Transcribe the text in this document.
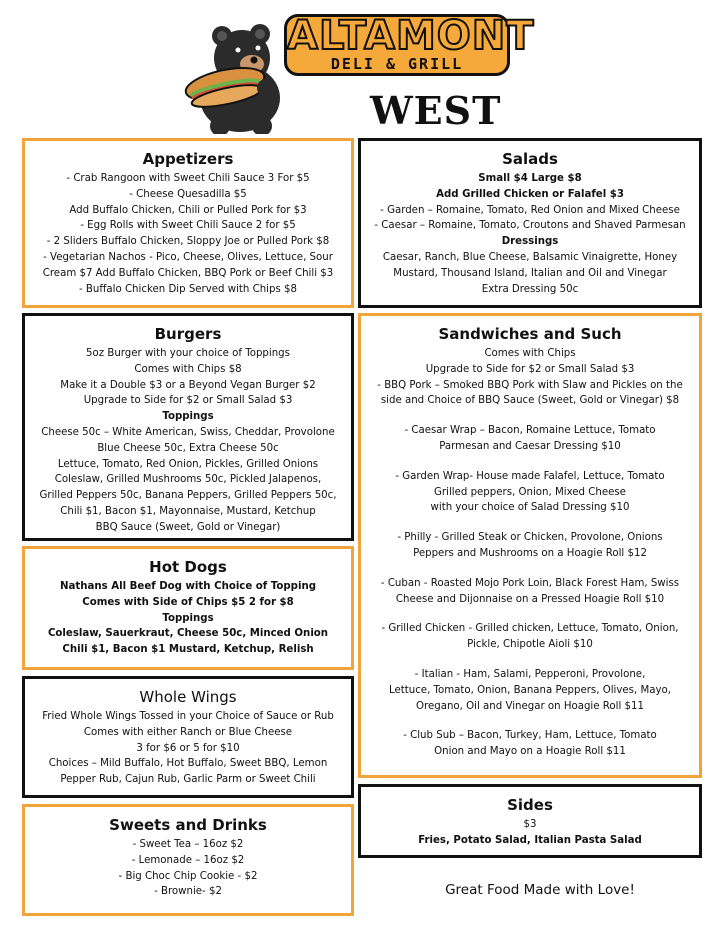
ALTAMONT
DELI & GRILL
WEST
Appetizers
- Crab Rangoon with Sweet Chili Sauce 3 For $5
- Cheese Quesadilla $5
Add Buffalo Chicken, Chili or Pulled Pork for $3
- Egg Rolls with Sweet Chili Sauce 2 for $5
- 2 Sliders Buffalo Chicken, Sloppy Joe or Pulled Pork $8
- Vegetarian Nachos - Pico, Cheese, Olives, Lettuce, Sour
Cream $7 Add Buffalo Chicken, BBQ Pork or Beef Chili $3
- Buffalo Chicken Dip Served with Chips $8
Salads
Small $4 Large $8
Add Grilled Chicken or Falafel $3
- Garden – Romaine, Tomato, Red Onion and Mixed Cheese
- Caesar – Romaine, Tomato, Croutons and Shaved Parmesan
Dressings
Caesar, Ranch, Blue Cheese, Balsamic Vinaigrette, Honey
Mustard, Thousand Island, Italian and Oil and Vinegar
Extra Dressing 50c
Burgers
5oz Burger with your choice of Toppings
Comes with Chips $8
Make it a Double $3 or a Beyond Vegan Burger $2
Upgrade to Side for $2 or Small Salad $3
Toppings
Cheese 50c – White American, Swiss, Cheddar, Provolone
Blue Cheese 50c, Extra Cheese 50c
Lettuce, Tomato, Red Onion, Pickles, Grilled Onions
Coleslaw, Grilled Mushrooms 50c, Pickled Jalapenos,
Grilled Peppers 50c, Banana Peppers, Grilled Peppers 50c,
Chili $1, Bacon $1, Mayonnaise, Mustard, Ketchup
BBQ Sauce (Sweet, Gold or Vinegar)
Sandwiches and Such
Comes with Chips
Upgrade to Side for $2 or Small Salad $3
- BBQ Pork – Smoked BBQ Pork with Slaw and Pickles on the
side and Choice of BBQ Sauce (Sweet, Gold or Vinegar) $8
- Caesar Wrap – Bacon, Romaine Lettuce, Tomato
Parmesan and Caesar Dressing $10
- Garden Wrap- House made Falafel, Lettuce, Tomato
Grilled peppers, Onion, Mixed Cheese
with your choice of Salad Dressing $10
- Philly - Grilled Steak or Chicken, Provolone, Onions
Peppers and Mushrooms on a Hoagie Roll $12
- Cuban - Roasted Mojo Pork Loin, Black Forest Ham, Swiss
Cheese and Dijonnaise on a Pressed Hoagie Roll $10
- Grilled Chicken - Grilled chicken, Lettuce, Tomato, Onion,
Pickle, Chipotle Aioli $10
- Italian - Ham, Salami, Pepperoni, Provolone,
Lettuce, Tomato, Onion, Banana Peppers, Olives, Mayo,
Oregano, Oil and Vinegar on Hoagie Roll $11
- Club Sub – Bacon, Turkey, Ham, Lettuce, Tomato
Onion and Mayo on a Hoagie Roll $11
Hot Dogs
Nathans All Beef Dog with Choice of Topping
Comes with Side of Chips $5 2 for $8
Toppings
Coleslaw, Sauerkraut, Cheese 50c, Minced Onion
Chili $1, Bacon $1 Mustard, Ketchup, Relish
Whole Wings
Fried Whole Wings Tossed in your Choice of Sauce or Rub
Comes with either Ranch or Blue Cheese
3 for $6 or 5 for $10
Choices – Mild Buffalo, Hot Buffalo, Sweet BBQ, Lemon
Pepper Rub, Cajun Rub, Garlic Parm or Sweet Chili
Sides
$3
Fries, Potato Salad, Italian Pasta Salad
Sweets and Drinks
- Sweet Tea – 16oz $2
- Lemonade – 16oz $2
- Big Choc Chip Cookie - $2
- Brownie- $2	Great Food Made with Love!
